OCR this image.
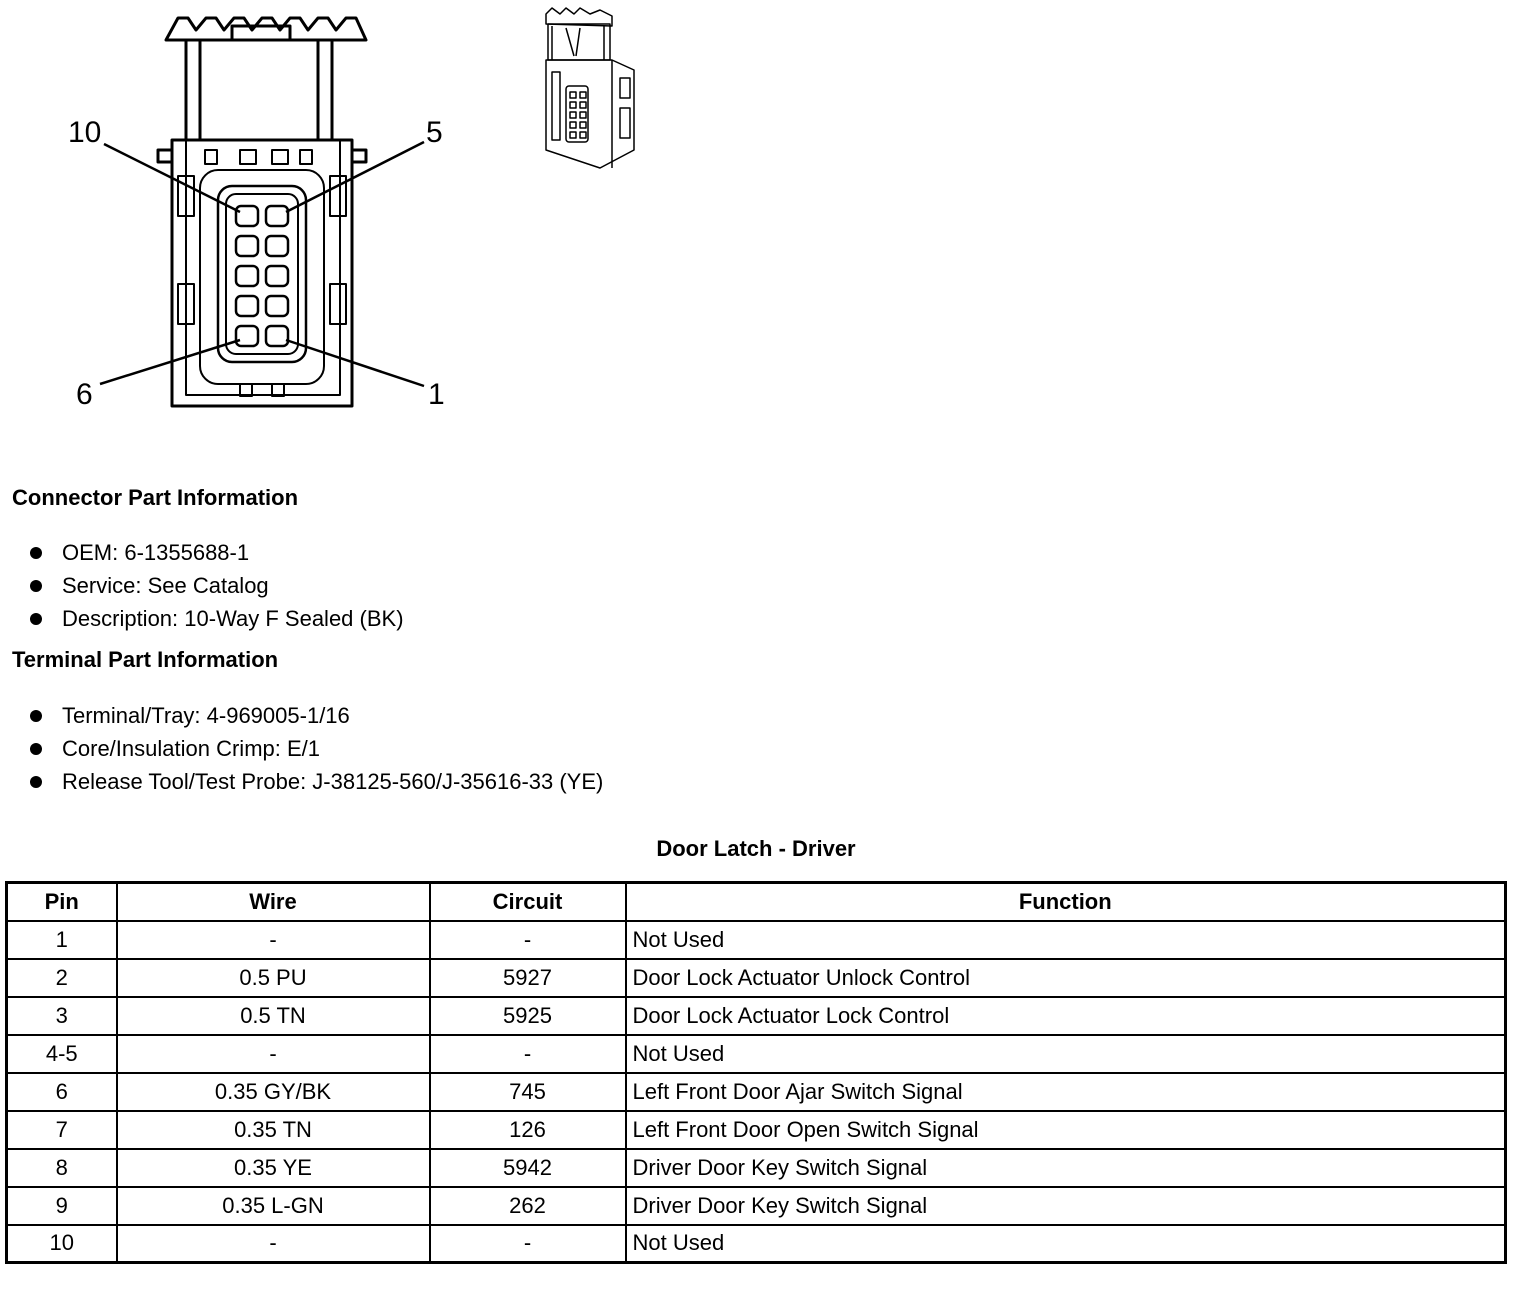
10	5
6	1
Connector Part Information
OEM: 6-1355688-1
Service: See Catalog
Description: 10-Way F Sealed (BK)
Terminal Part Information
Terminal/Tray: 4-969005-1/16
Core/Insulation Crimp: E/1
Release Tool/Test Probe: J-38125-560/J-35616-33 (YE)
Door Latch - Driver
Pin	Wire	Circuit	Function
1	-	-	Not Used
2	0.5 PU	5927	Door Lock Actuator Unlock Control
3	0.5 TN	5925	Door Lock Actuator Lock Control
4-5	-	-	Not Used
6	0.35 GY/BK	745	Left Front Door Ajar Switch Signal
7	0.35 TN	126	Left Front Door Open Switch Signal
8	0.35 YE	5942	Driver Door Key Switch Signal
9	0.35 L-GN	262	Driver Door Key Switch Signal
10	-	-	Not Used
